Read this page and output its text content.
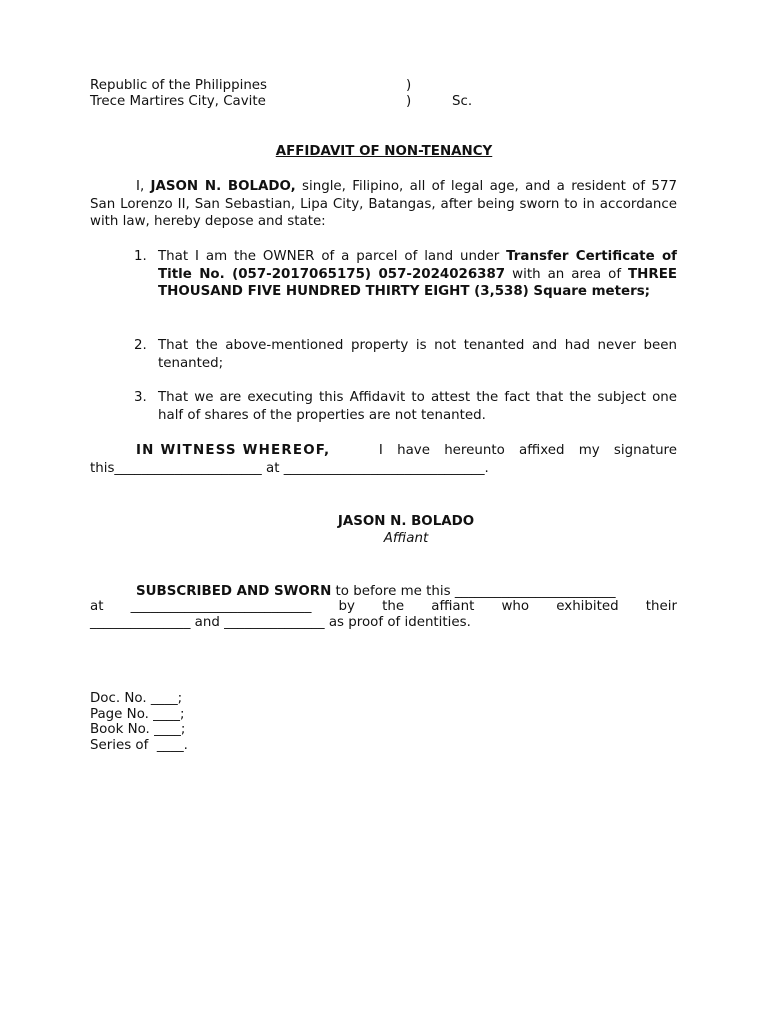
Republic of the Philippines	)
Trece Martires City, Cavite	)	Sc.
AFFIDAVIT OF NON-TENANCY
I, JASON N. BOLADO, single, Filipino, all of legal age, and a resident of 577 San Lorenzo II, San Sebastian, Lipa City, Batangas, after being sworn to in accordance with law, hereby depose and state:
1. That I am the OWNER of a parcel of land under Transfer Certificate of Title No. (057-2017065175) 057-2024026387 with an area of THREE THOUSAND FIVE HUNDRED THIRTY EIGHT (3,538) Square meters;
2. That the above-mentioned property is not tenanted and had never been tenanted;
3. That we are executing this Affidavit to attest the fact that the subject one half of shares of the properties are not tenanted.
IN WITNESS WHEREOF,	I have hereunto affixed my signature
this______________________ at ______________________________.
JASON N. BOLADO
Affiant
SUBSCRIBED AND SWORN to before me this ________________________
at ___________________________ by the affiant who exhibited their
_______________ and _______________ as proof of identities.
Doc. No. ____;
Page No. ____;
Book No. ____;
Series of  ____.
